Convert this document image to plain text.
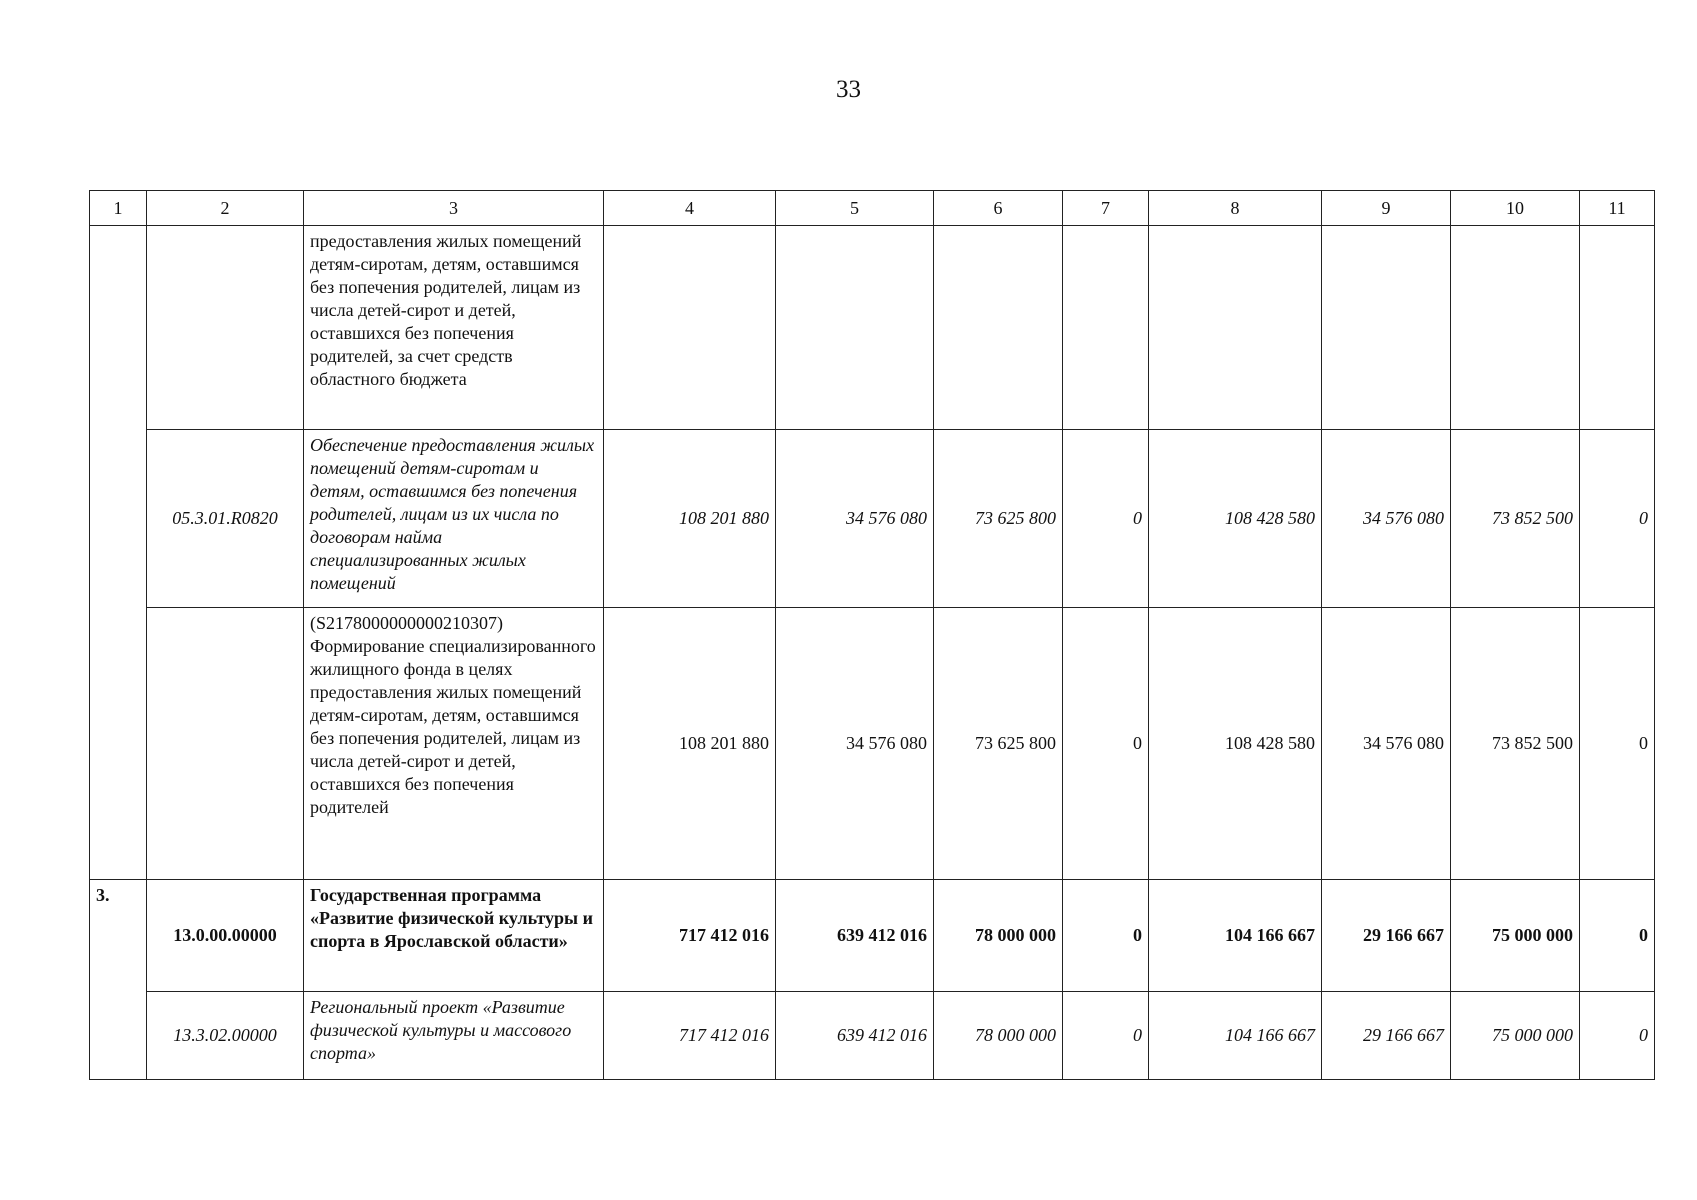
33
1	2	3	4	5	6	7	8	9	10	11
		предоставления жилых помещений детям-сиротам, детям, оставшимся без попечения родителей, лицам из числа детей-сирот и детей, оставшихся без попечения родителей, за счет средств областного бюджета								
	05.3.01.R0820	Обеспечение предоставления жилых помещений детям-сиротам и детям, оставшимся без попечения родителей, лицам из их числа по договорам найма специализированных жилых помещений	108 201 880	34 576 080	73 625 800	0	108 428 580	34 576 080	73 852 500	0
		(S2178000000000210307) Формирование специализированного жилищного фонда в целях предоставления жилых помещений детям-сиротам, детям, оставшимся без попечения родителей, лицам из числа детей-сирот и детей, оставшихся без попечения родителей	108 201 880	34 576 080	73 625 800	0	108 428 580	34 576 080	73 852 500	0
3.	13.0.00.00000	Государственная программа «Развитие физической культуры и спорта в Ярославской области»	717 412 016	639 412 016	78 000 000	0	104 166 667	29 166 667	75 000 000	0
	13.3.02.00000	Региональный проект «Развитие физической культуры и массового спорта»	717 412 016	639 412 016	78 000 000	0	104 166 667	29 166 667	75 000 000	0
